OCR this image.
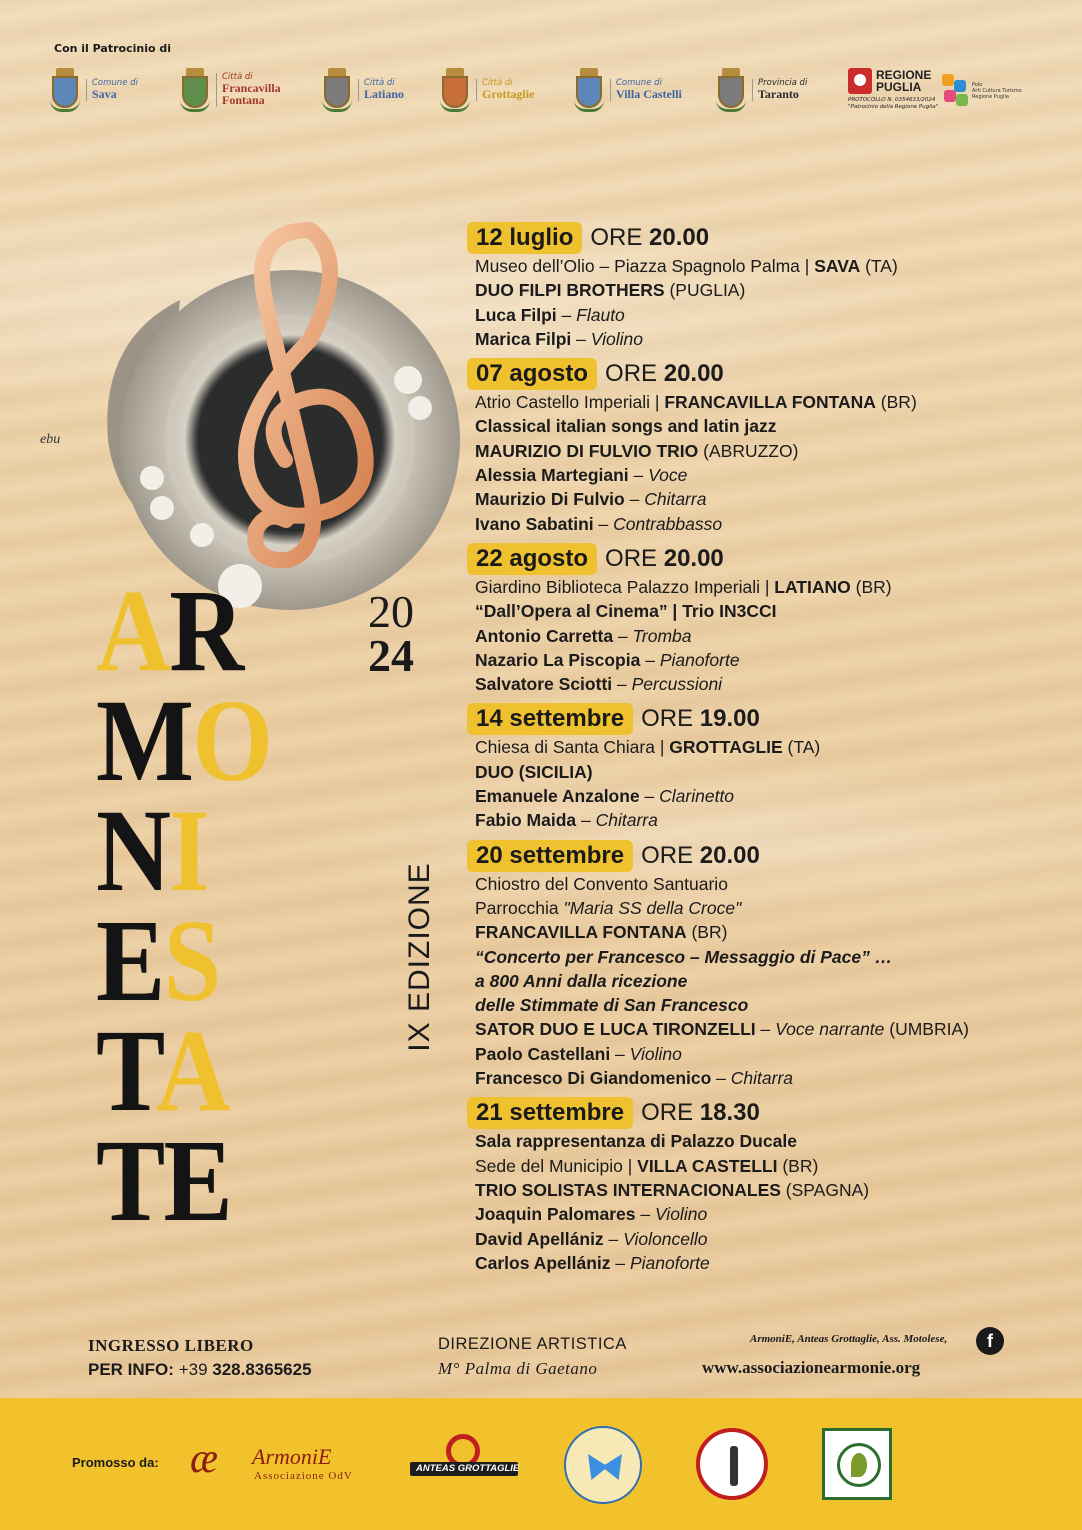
Con il Patrocinio di
Comune di
Sava
Città di
Francavilla Fontana
Città di
Latiano
Città di
Grottaglie
Comune di
Villa Castelli
Provincia di
Taranto
REGIONE
PUGLIA
PROTOCOLLO N. 0354633/2024
"Patrocinio della Regione Puglia"
Polo
Arti Cultura Turismo
Regione Puglia
ebu
AR
MO
NI
ES
TA
TE
20
24
IX EDIZIONE
12 luglio ORE 20.00
Museo dell’Olio – Piazza Spagnolo Palma | SAVA (TA)
DUO FILPI BROTHERS (PUGLIA)
Luca Filpi – Flauto
Marica Filpi – Violino
07 agosto ORE 20.00
Atrio Castello Imperiali | FRANCAVILLA FONTANA (BR)
Classical italian songs and latin jazz
MAURIZIO DI FULVIO TRIO (ABRUZZO)
Alessia Martegiani – Voce
Maurizio Di Fulvio – Chitarra
Ivano Sabatini – Contrabbasso
22 agosto ORE 20.00
Giardino Biblioteca Palazzo Imperiali | LATIANO (BR)
“Dall’Opera al Cinema” | Trio IN3CCI
Antonio Carretta – Tromba
Nazario La Piscopia – Pianoforte
Salvatore Sciotti – Percussioni
14 settembre ORE 19.00
Chiesa di Santa Chiara | GROTTAGLIE (TA)
DUO (SICILIA)
Emanuele Anzalone – Clarinetto
Fabio Maida – Chitarra
20 settembre ORE 20.00
Chiostro del Convento Santuario
Parrocchia "Maria SS della Croce"
FRANCAVILLA FONTANA (BR)
“Concerto per Francesco – Messaggio di Pace” …
a 800 Anni dalla ricezione
delle Stimmate di San Francesco
SATOR DUO E LUCA TIRONZELLI – Voce narrante (UMBRIA)
Paolo Castellani – Violino
Francesco Di Giandomenico – Chitarra
21 settembre ORE 18.30
Sala rappresentanza di Palazzo Ducale
Sede del Municipio | VILLA CASTELLI (BR)
TRIO SOLISTAS INTERNACIONALES (SPAGNA)
Joaquin Palomares – Violino
David Apellániz – Violoncello
Carlos Apellániz – Pianoforte
INGRESSO LIBERO
PER INFO: +39 328.8365625
DIREZIONE ARTISTICA
M° Palma di Gaetano
ArmoniE, Anteas Grottaglie, Ass. Motolese,	f
www.associazionearmonie.org
Promosso da: æ ArmoniE
Associazione OdV
ANTEAS GROTTAGLIE
